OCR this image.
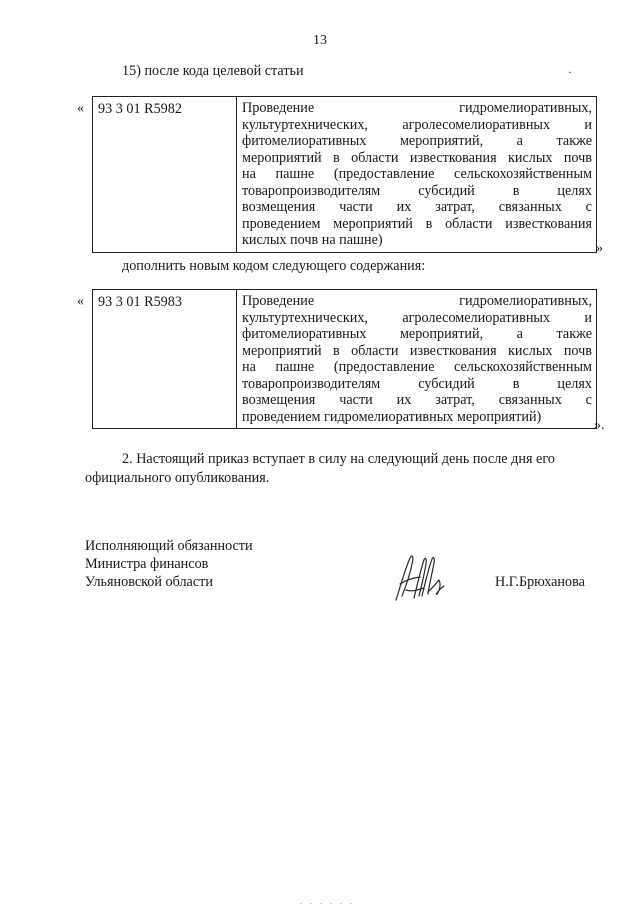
13
15) после кода целевой статьи	·
« 93 3 01 R5982	Проведение гидромелиоративных,
культуртехнических, агролесомелиоративных и
фитомелиоративных мероприятий, а также
мероприятий в области известкования кислых почв
на пашне (предоставление сельскохозяйственным
товаропроизводителям субсидий в целях
возмещения части их затрат, связанных с
проведением мероприятий в области известкования
кислых почв на пашне)
»
дополнить новым кодом следующего содержания:
« 93 3 01 R5983	Проведение гидромелиоративных,
культуртехнических, агролесомелиоративных и
фитомелиоративных мероприятий, а также
мероприятий в области известкования кислых почв
на пашне (предоставление сельскохозяйственным
товаропроизводителям субсидий в целях
возмещения части их затрат, связанных с
проведением гидромелиоративных мероприятий)
».
2. Настоящий приказ вступает в силу на следующий день после дня его
официального опубликования.
Исполняющий обязанности
Министра финансов
Ульяновской области	Н.Г.Брюханова
. . . . . .
